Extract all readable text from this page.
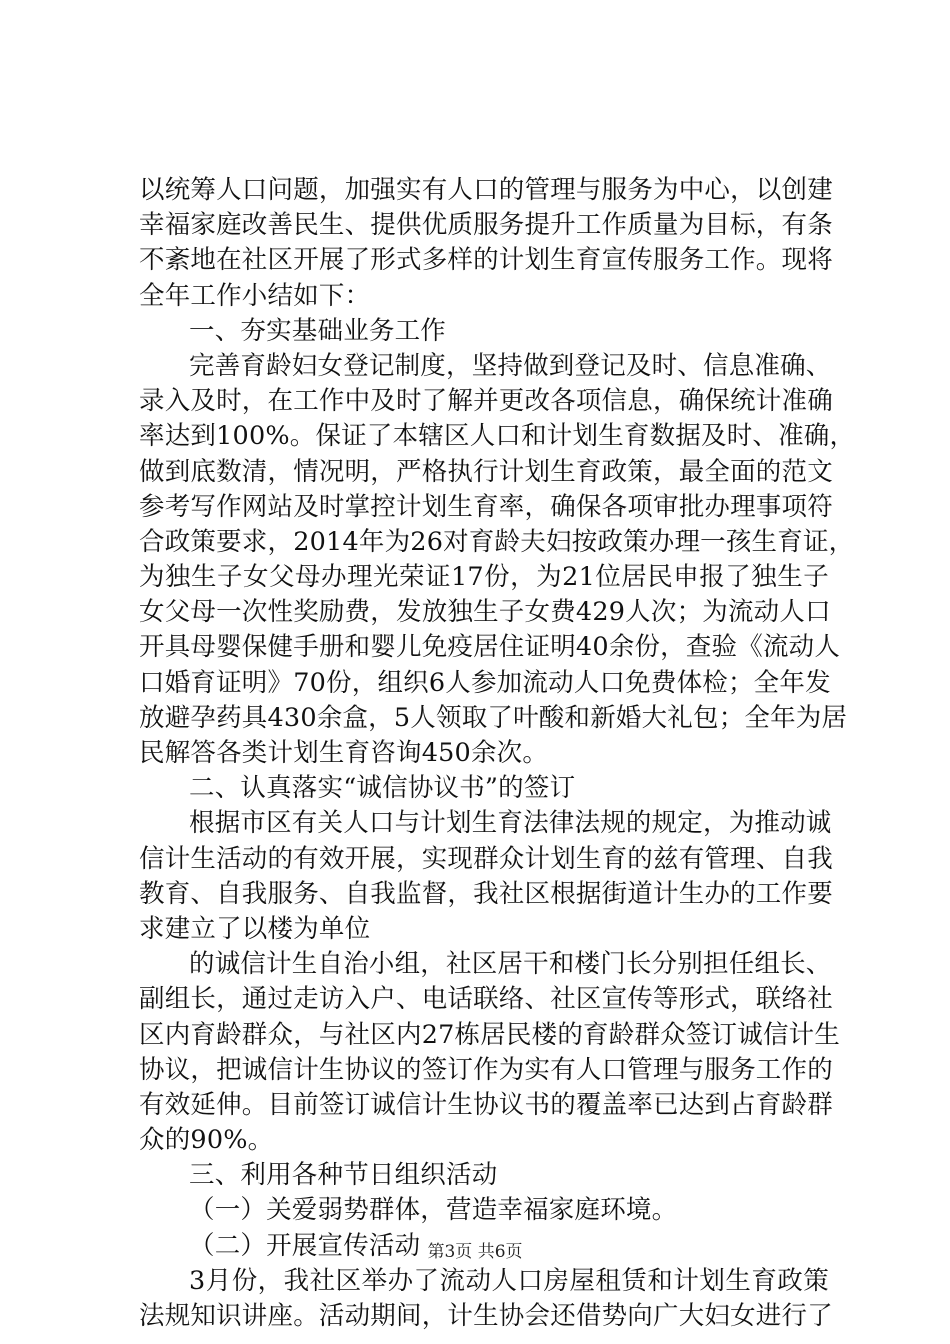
以统筹人口问题，加强实有人口的管理与服务为中心，以创建
幸福家庭改善民生、提供优质服务提升工作质量为目标，有条
不紊地在社区开展了形式多样的计划生育宣传服务工作。现将
全年工作小结如下：
一、夯实基础业务工作
完善育龄妇女登记制度，坚持做到登记及时、信息准确、
录入及时，在工作中及时了解并更改各项信息，确保统计准确
率达到100%。保证了本辖区人口和计划生育数据及时、准确，
做到底数清，情况明，严格执行计划生育政策，最全面的范文
参考写作网站及时掌控计划生育率，确保各项审批办理事项符
合政策要求，2014年为26对育龄夫妇按政策办理一孩生育证，
为独生子女父母办理光荣证17份，为21位居民申报了独生子
女父母一次性奖励费，发放独生子女费429人次；为流动人口
开具母婴保健手册和婴儿免疫居住证明40余份，查验《流动人
口婚育证明》70份，组织6人参加流动人口免费体检；全年发
放避孕药具430余盒，5人领取了叶酸和新婚大礼包；全年为居
民解答各类计划生育咨询450余次。
二、认真落实“诚信协议书”的签订
根据市区有关人口与计划生育法律法规的规定，为推动诚
信计生活动的有效开展，实现群众计划生育的兹有管理、自我
教育、自我服务、自我监督，我社区根据街道计生办的工作要
求建立了以楼为单位
的诚信计生自治小组，社区居干和楼门长分别担任组长、
副组长，通过走访入户、电话联络、社区宣传等形式，联络社
区内育龄群众，与社区内27栋居民楼的育龄群众签订诚信计生
协议，把诚信计生协议的签订作为实有人口管理与服务工作的
有效延伸。目前签订诚信计生协议书的覆盖率已达到占育龄群
众的90%。
三、利用各种节日组织活动
（一）关爱弱势群体，营造幸福家庭环境。
（二）开展宣传活动
3月份，我社区举办了流动人口房屋租赁和计划生育政策
法规知识讲座。活动期间，计生协会还借势向广大妇女进行了
第3页 共6页
